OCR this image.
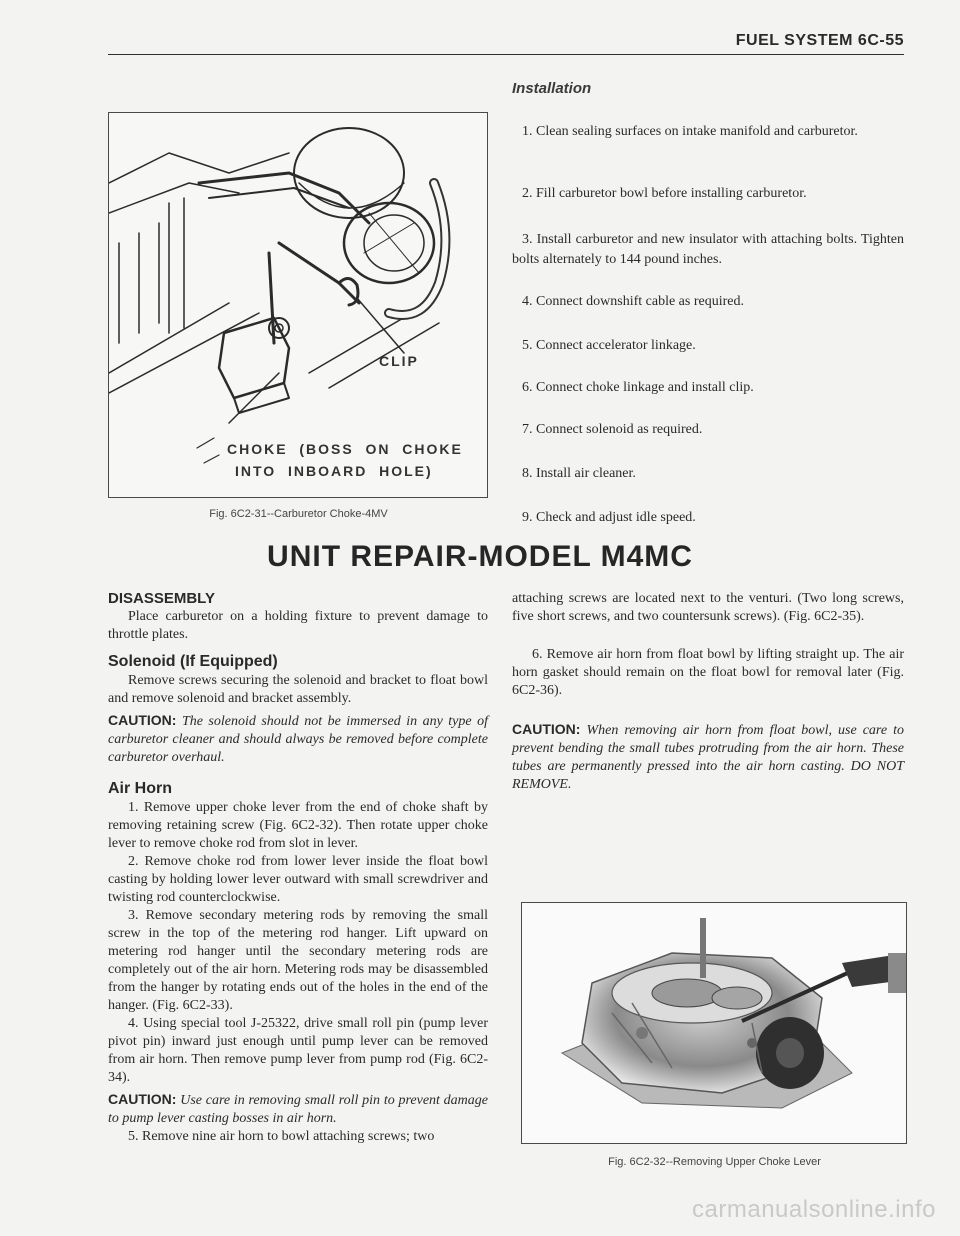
FUEL SYSTEM 6C-55
CLIP
CHOKE  (BOSS  ON  CHOKE
INTO  INBOARD  HOLE)
Fig. 6C2-31--Carburetor Choke-4MV
Installation
1. Clean sealing surfaces on intake manifold and carburetor.
2. Fill carburetor bowl before installing carburetor.
3. Install carburetor and new insulator with attaching bolts. Tighten bolts alternately to 144 pound inches.
4. Connect downshift cable as required.
5. Connect accelerator linkage.
6. Connect choke linkage and install clip.
7. Connect solenoid as required.
8. Install air cleaner.
9. Check and adjust idle speed.
UNIT REPAIR-MODEL M4MC

DISASSEMBLY

Place carburetor on a holding fixture to prevent damage to throttle plates.

Solenoid (If Equipped)

Remove screws securing the solenoid and bracket to float bowl and remove solenoid and bracket assembly.

CAUTION: The solenoid should not be immersed in any type of carburetor cleaner and should always be removed before complete carburetor overhaul.

Air Horn

1. Remove upper choke lever from the end of choke shaft by removing retaining screw (Fig. 6C2-32). Then rotate upper choke lever to remove choke rod from slot in lever.

2. Remove choke rod from lower lever inside the float bowl casting by holding lower lever outward with small screwdriver and twisting rod counterclockwise.

3. Remove secondary metering rods by removing the small screw in the top of the metering rod hanger. Lift upward on metering rod hanger until the secondary metering rods are completely out of the air horn. Metering rods may be disassembled from the hanger by rotating ends out of the holes in the end of the hanger. (Fig. 6C2-33).

4. Using special tool J-25322, drive small roll pin (pump lever pivot pin) inward just enough until pump lever can be removed from air horn. Then remove pump lever from pump rod (Fig. 6C2-34).

CAUTION: Use care in removing small roll pin to prevent damage to pump lever casting bosses in air horn.

5. Remove nine air horn to bowl attaching screws; two

attaching screws are located next to the venturi. (Two long screws, five short screws, and two countersunk screws). (Fig. 6C2-35).

6. Remove air horn from float bowl by lifting straight up. The air horn gasket should remain on the float bowl for removal later (Fig. 6C2-36).

CAUTION: When removing air horn from float bowl, use care to prevent bending the small tubes protruding from the air horn. These tubes are permanently pressed into the air horn casting. DO NOT REMOVE.

Fig. 6C2-32--Removing Upper Choke Lever
carmanualsonline.info
